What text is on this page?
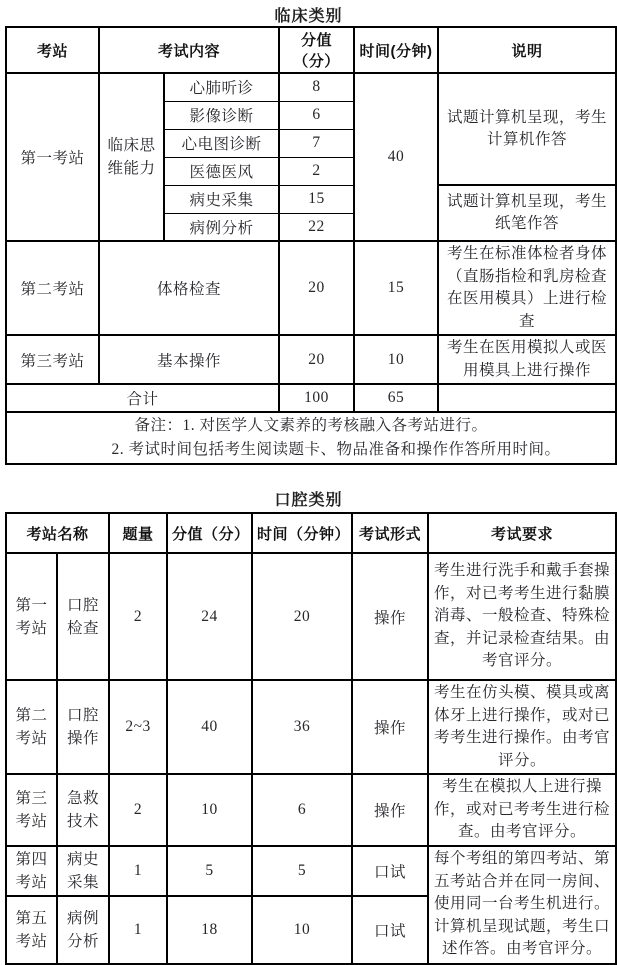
临床类别
考站	考试内容		分值（分）	时间(分钟)	说明
第一考站	临床思维能力	心肺听诊	8	40	试题计算机呈现，考生计算机作答
		影像诊断	6		
		心电图诊断	7		
		医德医风	2		
		病史采集	15		试题计算机呈现，考生纸笔作答
		病例分析	22		
第二考站	体格检查		20	15	考生在标准体检者身体（直肠指检和乳房检查在医用模具）上进行检查
第三考站	基本操作		20	10	考生在医用模拟人或医用模具上进行操作
合计			100	65	

备注：1. 对医学人文素养的考核融入各考站进行。
2. 考试时间包括考生阅读题卡、物品准备和操作作答所用时间。					
口腔类别
考站名称		题量	分值（分）	时间（分钟）	考试形式	考试要求
第一考站	口腔检查	2	24	20	操作	考生进行洗手和戴手套操作，对已考考生进行黏膜消毒、一般检查、特殊检查，并记录检查结果。由考官评分。
第二考站	口腔操作	2~3	40	36	操作	考生在仿头模、模具或离体牙上进行操作，或对已考考生进行操作。由考官评分。
第三考站	急救技术	2	10	6	操作	考生在模拟人上进行操作，或对已考考生进行检查。由考官评分。
第四考站	病史采集	1	5	5	口试	每个考组的第四考站、第五考站合并在同一房间、使用同一台考生机进行。计算机呈现试题，考生口述作答。由考官评分。
第五考站	病例分析	1	18	10	口试	
